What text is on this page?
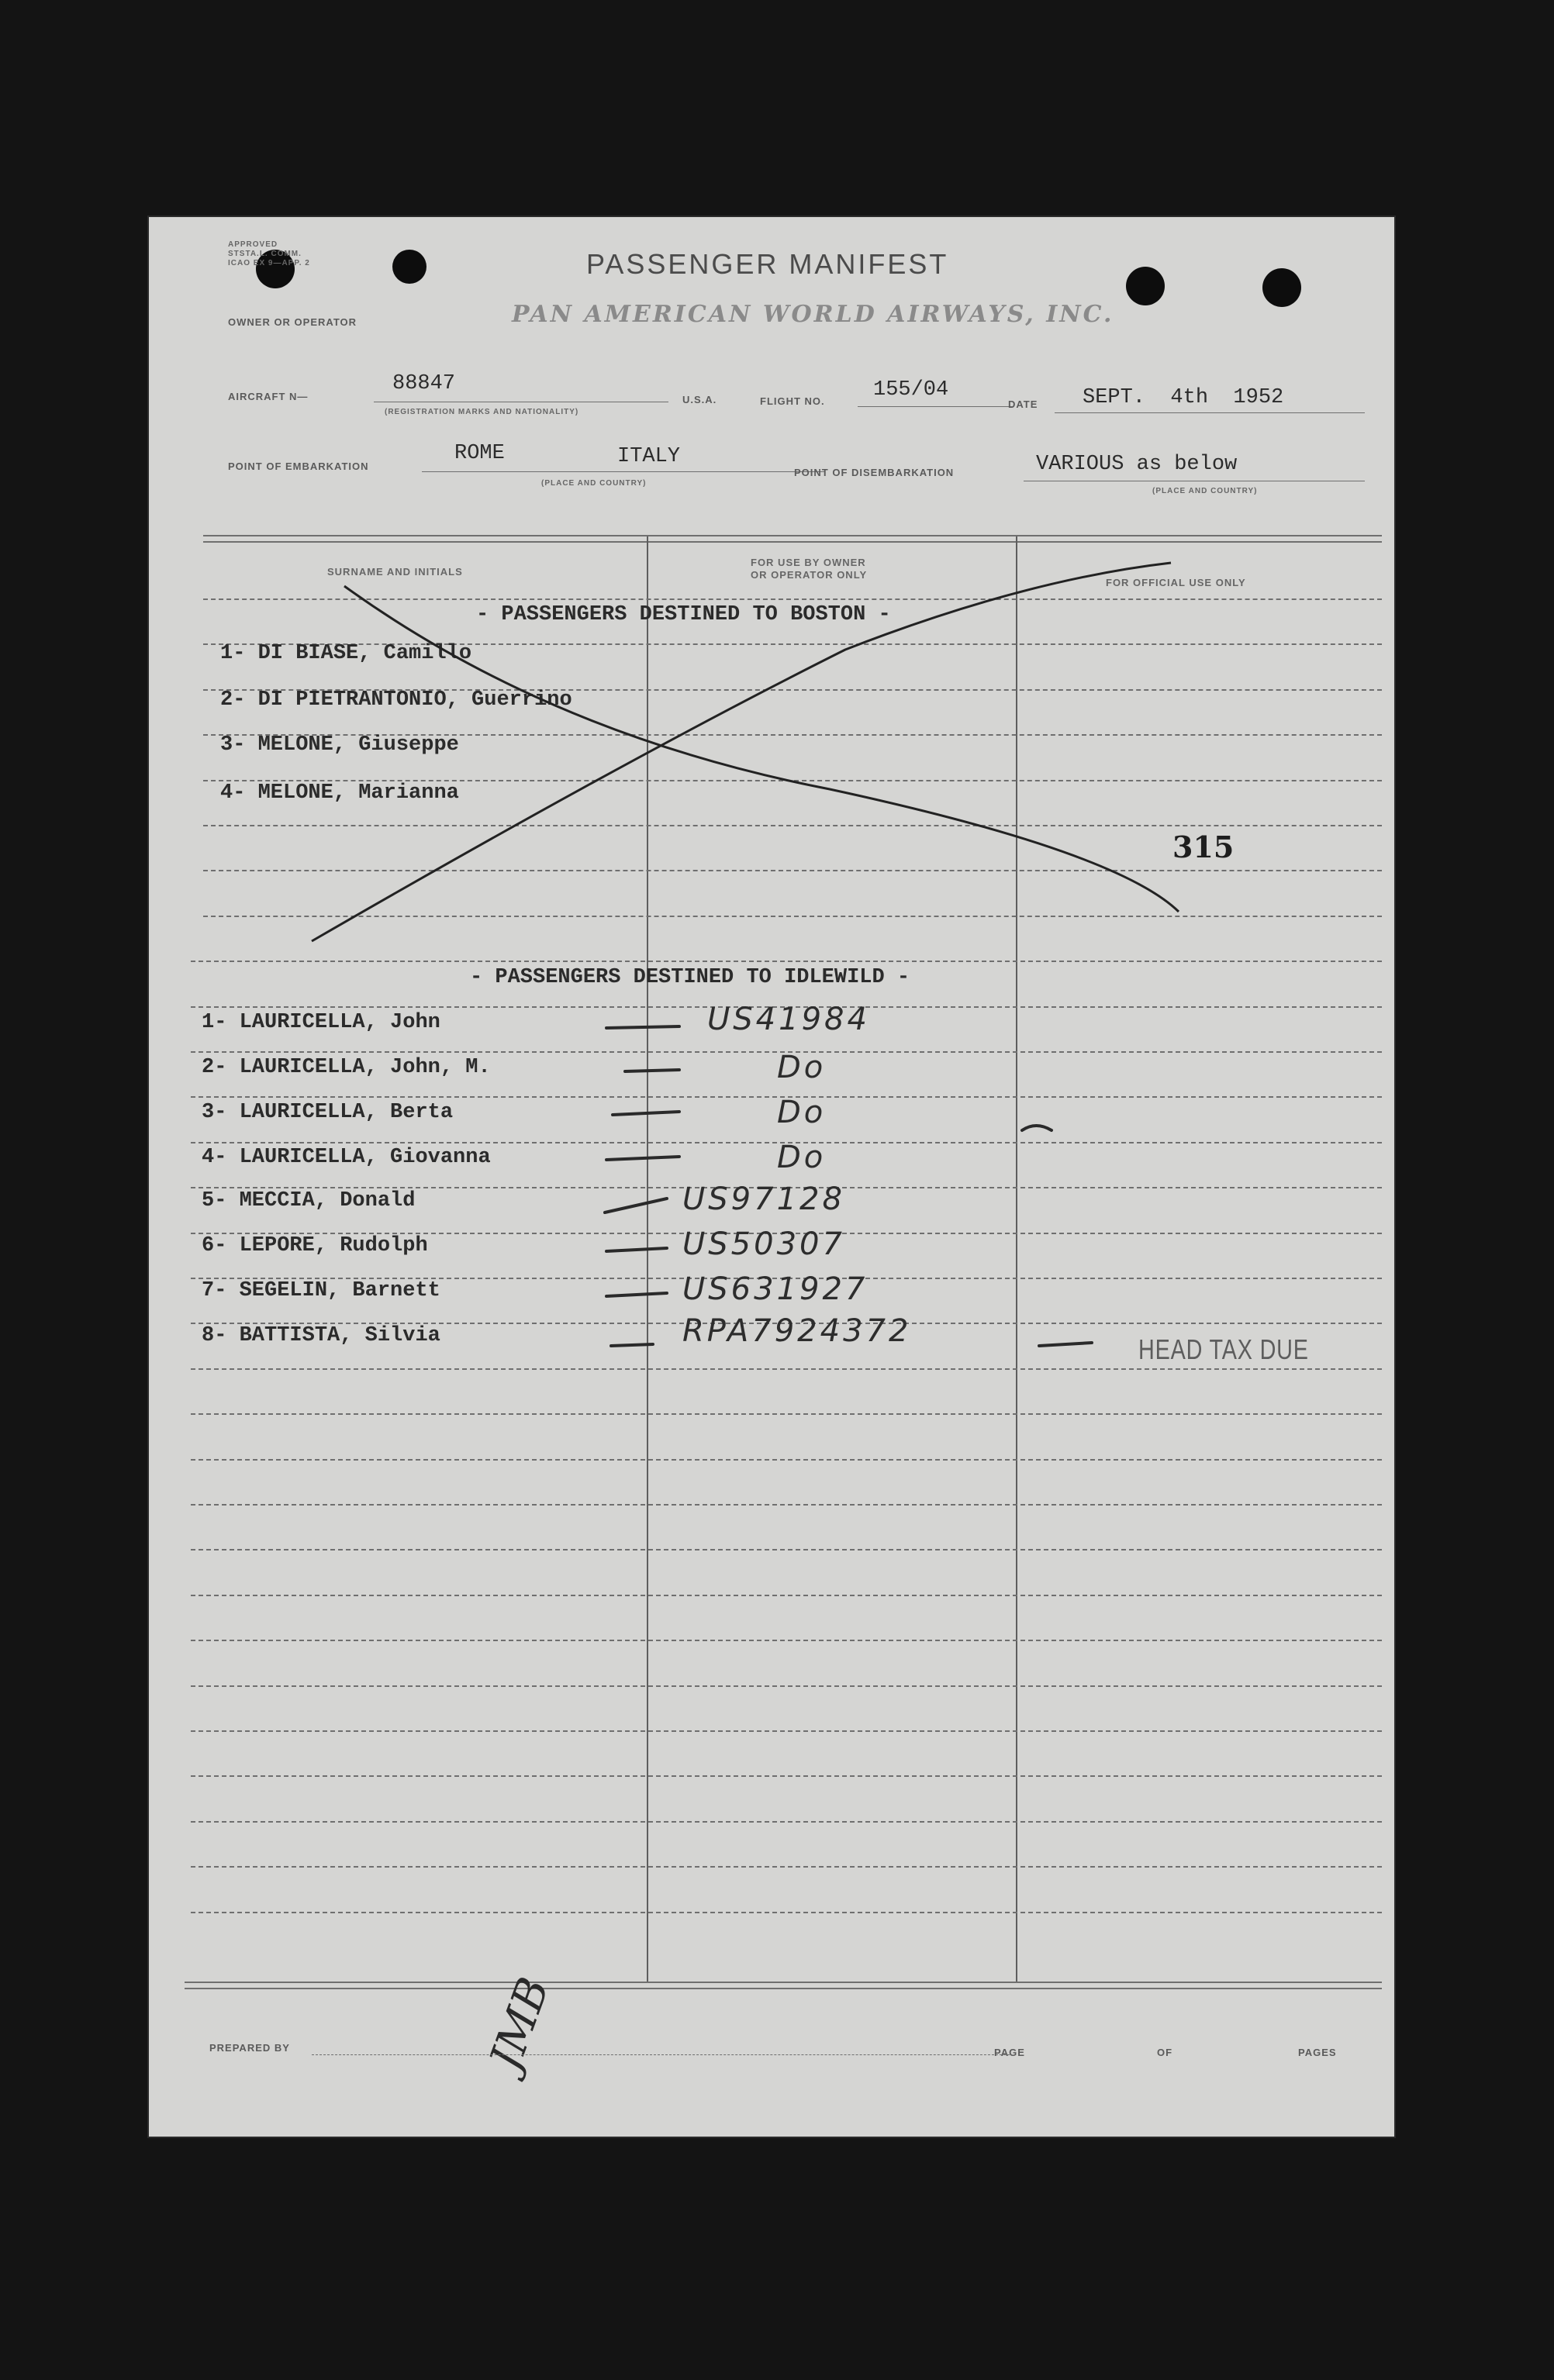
APPROVED
STSTA.L. COMM.
ICAO EX 9—APP. 2	PASSENGER MANIFEST
OWNER OR OPERATOR	PAN AMERICAN WORLD AIRWAYS, INC.
AIRCRAFT N—
88847
(REGISTRATION MARKS AND NATIONALITY)
U.S.A.	FLIGHT NO. 155/04
DATE SEPT.  4th  1952
POINT OF EMBARKATION
ROME	ITALY
(PLACE AND COUNTRY)
POINT OF DISEMBARKATION	VARIOUS as below
(PLACE AND COUNTRY)
SURNAME AND INITIALS
FOR USE BY OWNER
OR OPERATOR ONLY
FOR OFFICIAL USE ONLY
- PASSENGERS DESTINED TO BOSTON -
1- DI BIASE, Camillo
2- DI PIETRANTONIO, Guerrino
3- MELONE, Giuseppe
4- MELONE, Marianna
315
- PASSENGERS DESTINED TO IDLEWILD -
1- LAURICELLA, John	US41984
2- LAURICELLA, John, M.	Do
3- LAURICELLA, Berta	Do
4- LAURICELLA, Giovanna	Do
5- MECCIA, Donald	US97128
6- LEPORE, Rudolph	US50307
7- SEGELIN, Barnett	US631927
8- BATTISTA, Silvia	RPA7924372
HEAD TAX DUE
JMB
PREPARED BY	PAGE	OF	PAGES
